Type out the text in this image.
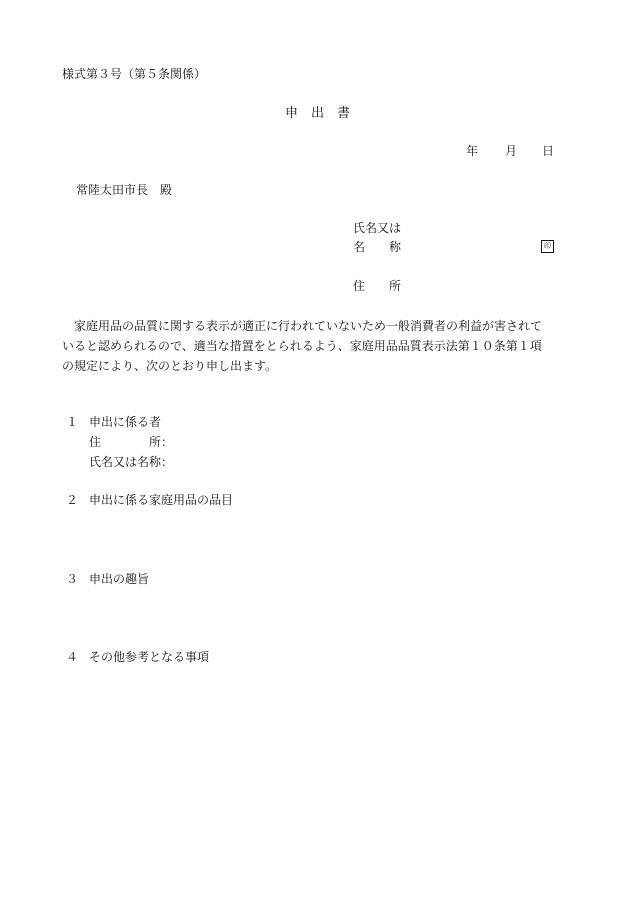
様式第３号（第５条関係）
申　出　書
年 月 日
常陸太田市長　殿
氏名又は
名　　称	印
住　　所

　家庭用品の品質に関する表示が適正に行われていないため一般消費者の利益が害されて

いると認められるので、適当な措置をとられるよう、家庭用品品質表示法第１０条第１項

の規定により、次のとおり申し出ます。

１ 申出に係る者
住　　　　所：
氏名又は名称：
２ 申出に係る家庭用品の品目
３ 申出の趣旨
４ その他参考となる事項
